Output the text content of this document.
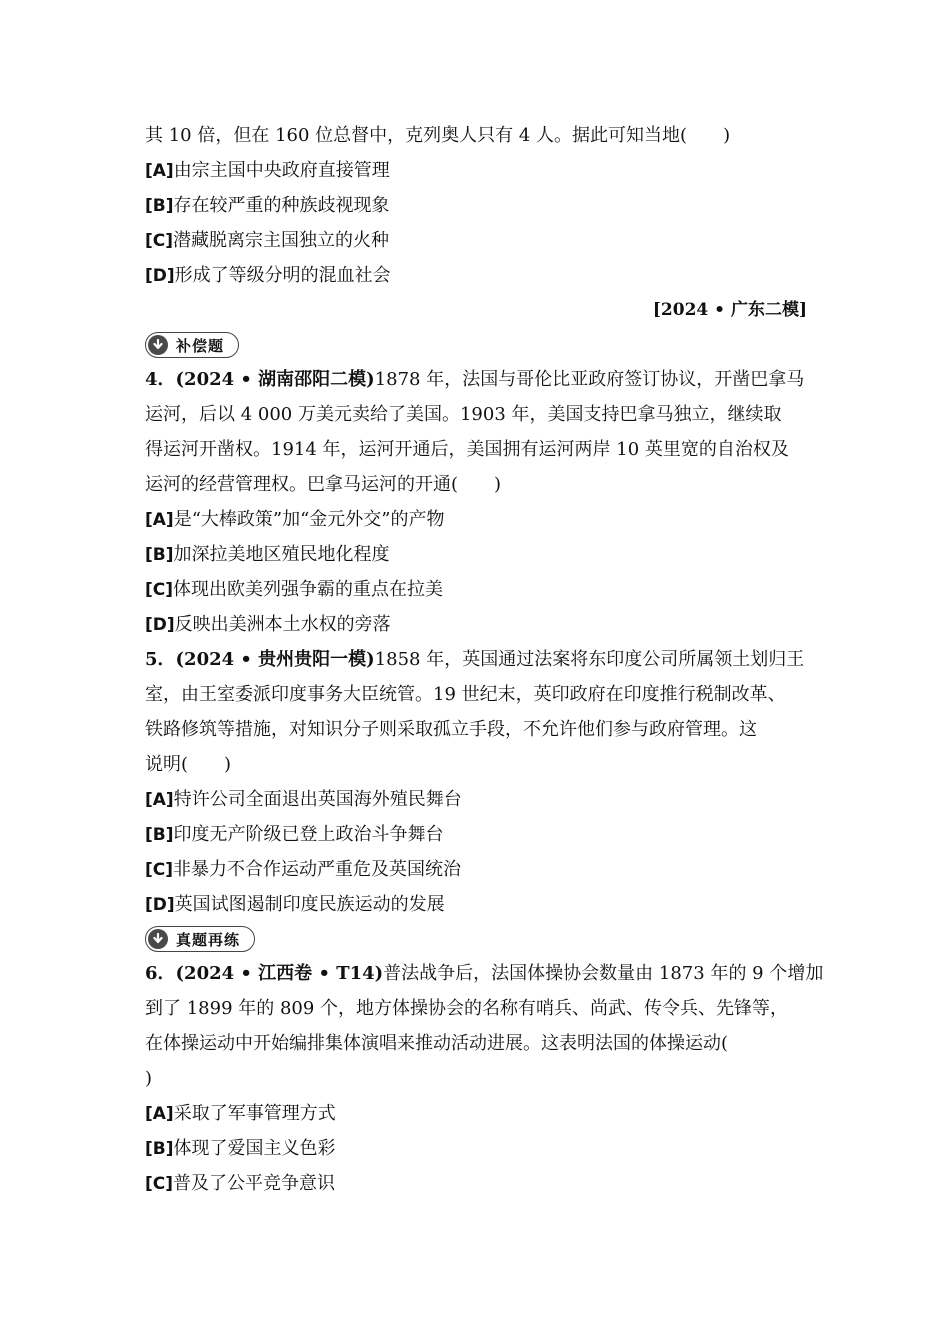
其 10 倍，但在 160 位总督中，克列奥人只有 4 人。据此可知当地(　　)
[A]由宗主国中央政府直接管理
[B]存在较严重的种族歧视现象
[C]潜藏脱离宗主国独立的火种
[D]形成了等级分明的混血社会
[2024 • 广东二模]
补偿题
4．(2024 • 湖南邵阳二模)1878 年，法国与哥伦比亚政府签订协议，开凿巴拿马
运河，后以 4 000 万美元卖给了美国。1903 年，美国支持巴拿马独立，继续取
得运河开凿权。1914 年，运河开通后，美国拥有运河两岸 10 英里宽的自治权及
运河的经营管理权。巴拿马运河的开通(　　)
[A]是“大棒政策”加“金元外交”的产物
[B]加深拉美地区殖民地化程度
[C]体现出欧美列强争霸的重点在拉美
[D]反映出美洲本土水权的旁落
5．(2024 • 贵州贵阳一模)1858 年，英国通过法案将东印度公司所属领土划归王
室，由王室委派印度事务大臣统管。19 世纪末，英印政府在印度推行税制改革、
铁路修筑等措施，对知识分子则采取孤立手段，不允许他们参与政府管理。这
说明(　　)
[A]特许公司全面退出英国海外殖民舞台
[B]印度无产阶级已登上政治斗争舞台
[C]非暴力不合作运动严重危及英国统治
[D]英国试图遏制印度民族运动的发展
真题再练
6．(2024 • 江西卷 • T14)普法战争后，法国体操协会数量由 1873 年的 9 个增加
到了 1899 年的 809 个，地方体操协会的名称有哨兵、尚武、传令兵、先锋等，
在体操运动中开始编排集体演唱来推动活动进展。这表明法国的体操运动(
)
[A]采取了军事管理方式
[B]体现了爱国主义色彩
[C]普及了公平竞争意识
